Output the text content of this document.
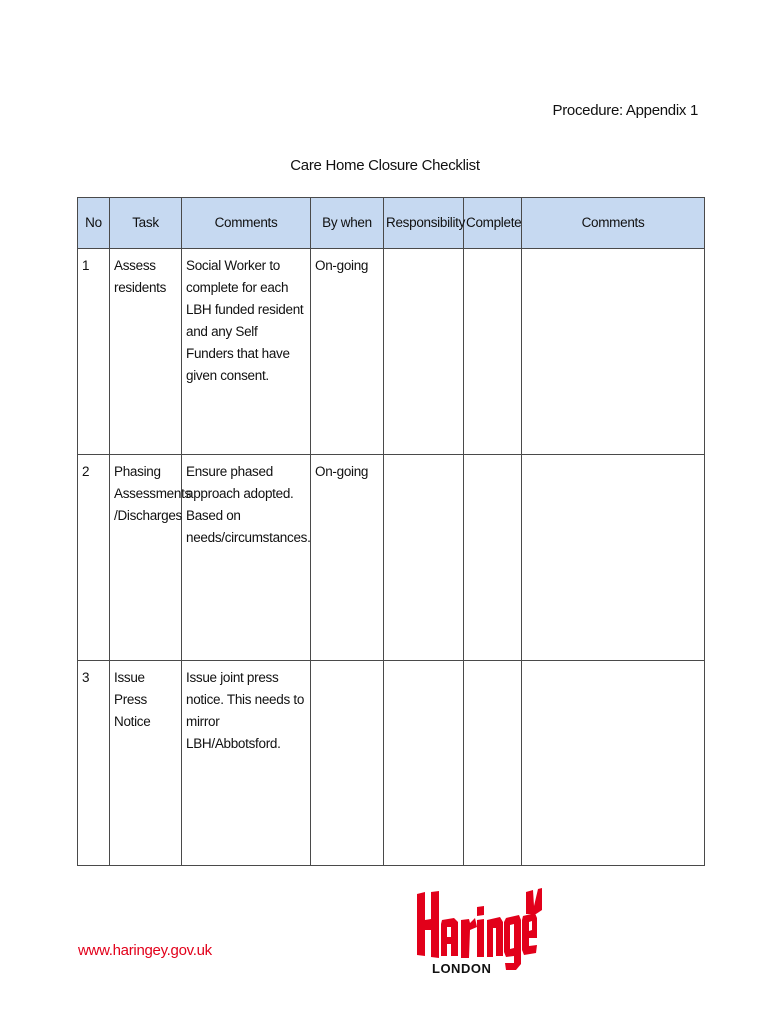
Procedure: Appendix 1
Care Home Closure Checklist
No	Task	Comments	By when	Responsibility	Complete	Comments
1	Assess residents	Social Worker to complete for each LBH funded resident and any Self Funders that have given consent.	On-going			
2	Phasing Assessments /Discharges	Ensure phased approach adopted. Based on needs/circumstances.	On-going			
3	Issue Press Notice	Issue joint press notice. This needs to mirror LBH/Abbotsford.				
www.haringey.gov.uk
LONDON
